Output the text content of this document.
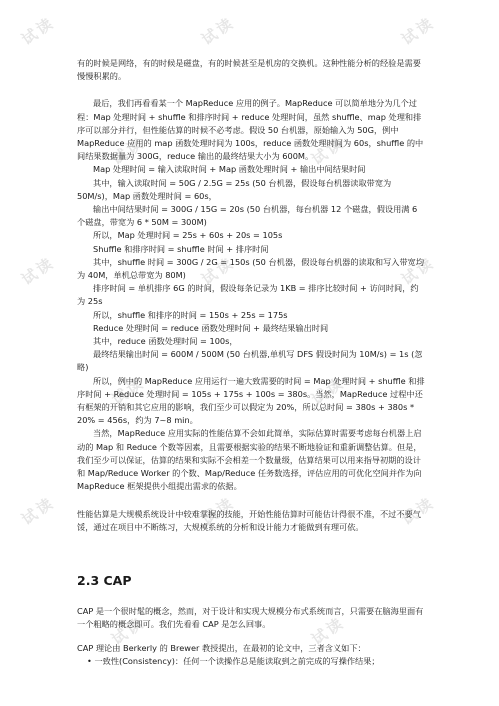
试读	试读	试读
试读	试读
试读	试读	试读
试读	试读
试读	试读	试读
试读	试读

有的时候是网络，有的时候是磁盘，有的时候甚至是机房的交换机。这种性能分析的经验是需要慢慢积累的。

最后，我们再看看某一个 MapReduce 应用的例子。MapReduce 可以简单地分为几个过程：Map 处理时间 + shuffle 和排序时间 + reduce 处理时间，虽然 shuffle、map 处理和排序可以部分并行，但性能估算的时候不必考虑。假设 50 台机器，原始输入为 50G，例中 MapReduce 应用的 map 函数处理时间为 100s，reduce 函数处理时间为 60s，shuffle 的中间结果数据量为 300G，reduce 输出的最终结果大小为 600M。

Map 处理时间 = 输入读取时间 + Map 函数处理时间 + 输出中间结果时间

其中，输入读取时间 = 50G / 2.5G = 25s (50 台机器，假设每台机器读取带宽为 50M/s)，Map 函数处理时间 = 60s，

输出中间结果时间 = 300G / 15G = 20s (50 台机器，每台机器 12 个磁盘，假设用满 6 个磁盘，带宽为 6 * 50M = 300M)

所以，Map 处理时间 = 25s + 60s + 20s = 105s

Shuffle 和排序时间 = shuffle 时间 + 排序时间

其中，shuffle 时间 = 300G / 2G = 150s (50 台机器，假设每台机器的读取和写入带宽均为 40M，单机总带宽为 80M)

排序时间 = 单机排序 6G 的时间，假设每条记录为 1KB = 排序比较时间 + 访问时间，约为 25s

所以，shuffle 和排序的时间 = 150s + 25s = 175s

Reduce 处理时间 = reduce 函数处理时间 + 最终结果输出时间

其中，reduce 函数处理时间 = 100s，

最终结果输出时间 = 600M / 500M (50 台机器,单机写 DFS 假设时间为 10M/s) = 1s (忽略)

所以，例中的 MapReduce 应用运行一遍大致需要的时间 = Map 处理时间 + shuffle 和排序时间 + Reduce 处理时间 = 105s + 175s + 100s = 380s。当然，MapReduce 过程中还有框架的开销和其它应用的影响，我们至少可以假定为 20%，所以总时间 = 380s + 380s * 20% = 456s，约为 7~8 min。

当然，MapReduce 应用实际的性能估算不会如此简单，实际估算时需要考虑每台机器上启动的 Map 和 Reduce 个数等因素，且需要根据实验的结果不断地验证和重新调整估算。但是，我们至少可以保证，估算的结果和实际不会相差一个数量级，估算结果可以用来指导初期的设计和 Map/Reduce Worker 的个数、Map/Reduce 任务数选择，评估应用的可优化空间并作为向 MapReduce 框架提供小组提出需求的依据。

性能估算是大规模系统设计中较难掌握的技能，开始性能估算时可能估计得很不准，不过不要气馁，通过在项目中不断练习，大规模系统的分析和设计能力才能做到有理可依。

2.3 CAP

CAP 是一个很时髦的概念，然而，对于设计和实现大规模分布式系统而言，只需要在脑海里面有一个粗略的概念即可。我们先看看 CAP 是怎么回事。

CAP 理论由 Berkerly 的 Brewer 教授提出，在最初的论文中，三者含义如下：

• 一致性(Consistency)：任何一个读操作总是能读取到之前完成的写操作结果；
